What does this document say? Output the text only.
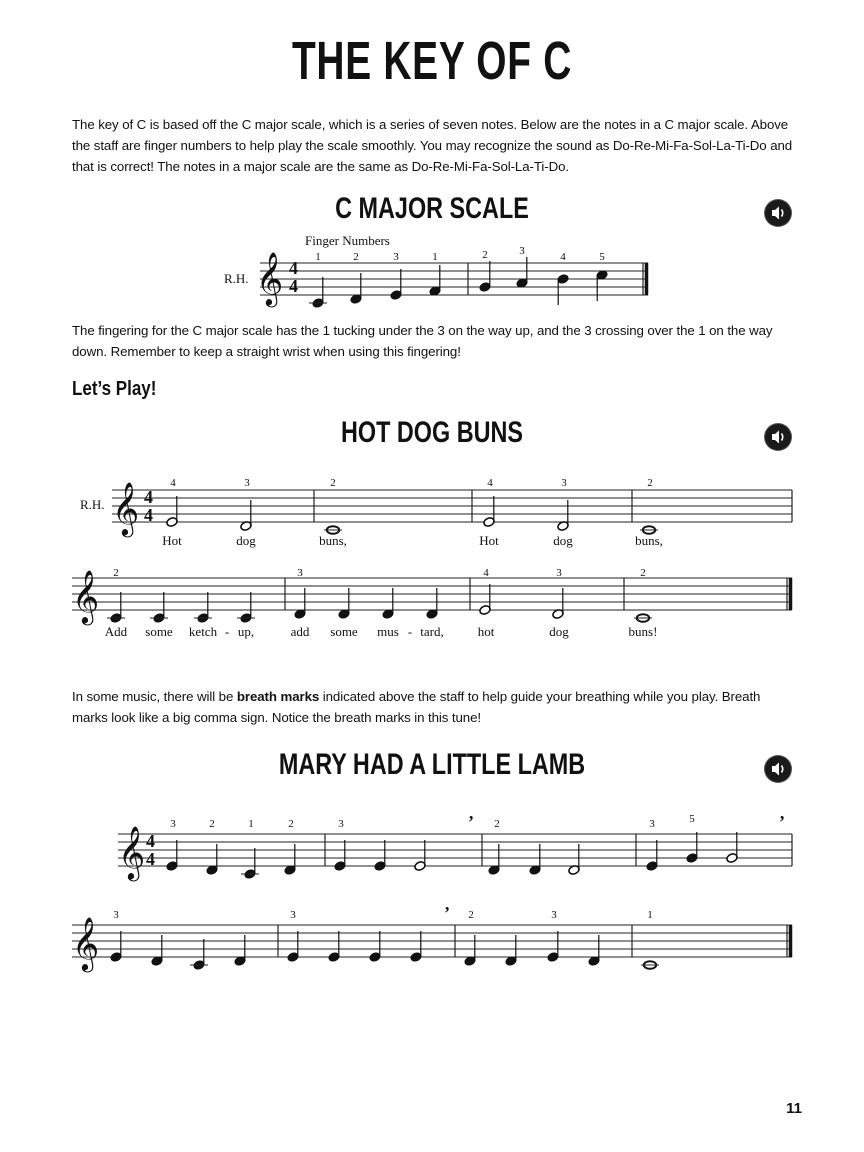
THE KEY OF C
The key of C is based off the C major scale, which is a series of seven notes. Below are the notes in a C major scale. Above the staff are finger numbers to help play the scale smoothly. You may recognize the sound as Do-Re-Mi-Fa-Sol-La-Ti-Do and that is correct! The notes in a major scale are the same as Do-Re-Mi-Fa-Sol-La-Ti-Do.
C MAJOR SCALE
Finger Numbers
R.H. 𝄞 4
4
1	2	3	1	2	3	4	5
The fingering for the C major scale has the 1 tucking under the 3 on the way up, and the 3 crossing over the 1 on the way down. Remember to keep a straight wrist when using this fingering!
Let’s Play!
HOT DOG BUNS
R.H. 𝄞 4
4
4	3	2	4	3	2
Hot	dog	buns,	Hot	dog	buns,
𝄞 2	3	4	3	2
Add some ketch - up,	add some mus - tard,	hot	dog	buns!
In some music, there will be breath marks indicated above the staff to help guide your breathing while you play. Breath marks look like a big comma sign. Notice the breath marks in this tune!
MARY HAD A LITTLE LAMB
𝄞 4
4
3	2	1	2	3	2	3	5
’	’
𝄞
3	3	2	3	1
’
11
